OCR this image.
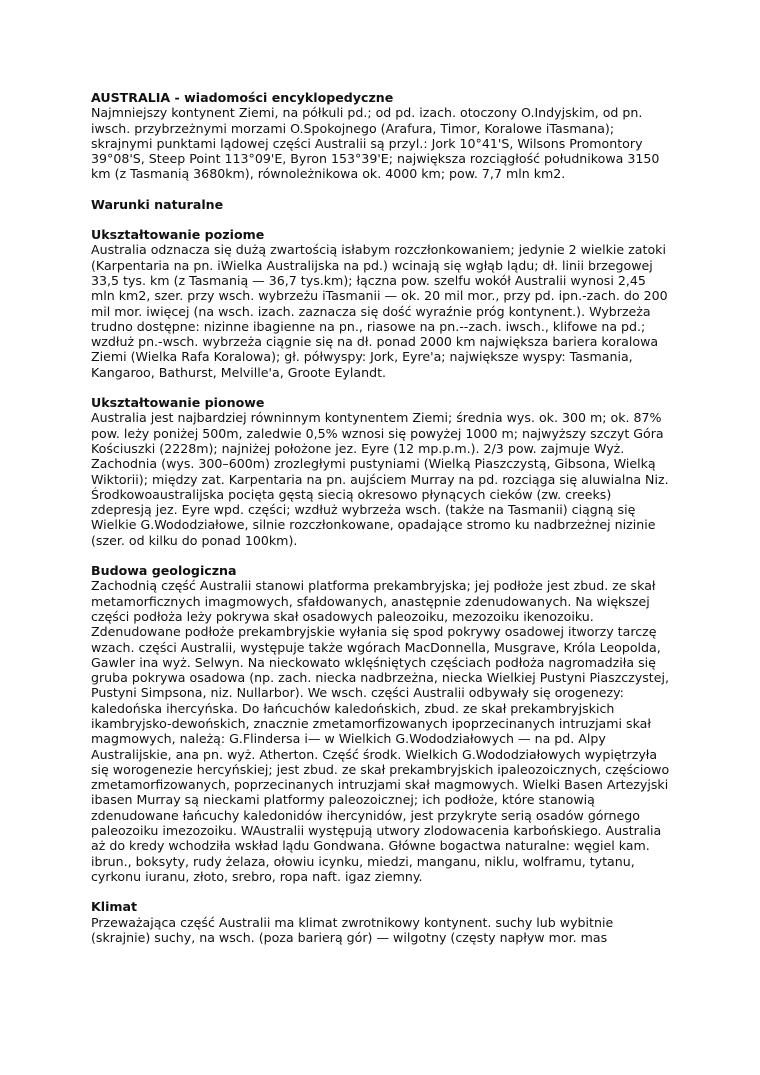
AUSTRALIA - wiadomości encyklopedyczne

Najmniejszy kontynent Ziemi, na półkuli pd.; od pd. izach. otoczony O.Indyjskim, od pn. iwsch. przybrzeżnymi morzami O.Spokojnego (Arafura, Timor, Koralowe iTasmana); skrajnymi punktami lądowej części Australii są przyl.: Jork 10°41'S, Wilsons Promontory 39°08'S, Steep Point 113°09'E, Byron 153°39'E; największa rozciągłość południkowa 3150 km (z Tasmanią 3680km), równoleżnikowa ok. 4000 km; pow. 7,7 mln km2.

Warunki naturalne
Ukształtowanie poziome

Australia odznacza się dużą zwartością isłabym rozczłonkowaniem; jedynie 2 wielkie zatoki (Karpentaria na pn. iWielka Australijska na pd.) wcinają się wgłąb lądu; dł. linii brzegowej 33,5 tys. km (z Tasmanią — 36,7 tys.km); łączna pow. szelfu wokół Australii wynosi 2,45 mln km2, szer. przy wsch. wybrzeżu iTasmanii — ok. 20 mil mor., przy pd. ipn.-zach. do 200 mil mor. iwięcej (na wsch. izach. zaznacza się dość wyraźnie próg kontynent.). Wybrzeża trudno dostępne: nizinne ibagienne na pn., riasowe na pn.--zach. iwsch., klifowe na pd.; wzdłuż pn.-wsch. wybrzeża ciągnie się na dł. ponad 2000 km największa bariera koralowa Ziemi (Wielka Rafa Koralowa); gł. półwyspy: Jork, Eyre'a; największe wyspy: Tasmania, Kangaroo, Bathurst, Melville'a, Groote Eylandt.

Ukształtowanie pionowe

Australia jest najbardziej równinnym kontynentem Ziemi; średnia wys. ok. 300 m; ok. 87% pow. leży poniżej 500m, zaledwie 0,5% wznosi się powyżej 1000 m; najwyższy szczyt Góra Kościuszki (2228m); najniżej położone jez. Eyre (12 mp.p.m.). 2/3 pow. zajmuje Wyż. Zachodnia (wys. 300–600m) zrozległymi pustyniami (Wielką Piaszczystą, Gibsona, Wielką Wiktorii); między zat. Karpentaria na pn. aujściem Murray na pd. rozciąga się aluwialna Niz. Środkowoaustralijska pocięta gęstą siecią okresowo płynących cieków (zw. creeks) zdepresją jez. Eyre wpd. części; wzdłuż wybrzeża wsch. (także na Tasmanii) ciągną się Wielkie G.Wododziałowe, silnie rozczłonkowane, opadające stromo ku nadbrzeżnej nizinie (szer. od kilku do ponad 100km).

Budowa geologiczna

Zachodnią część Australii stanowi platforma prekambryjska; jej podłoże jest zbud. ze skał metamorficznych imagmowych, sfałdowanych, anastępnie zdenudowanych. Na większej części podłoża leży pokrywa skał osadowych paleozoiku, mezozoiku ikenozoiku. Zdenudowane podłoże prekambryjskie wyłania się spod pokrywy osadowej itworzy tarczę wzach. części Australii, występuje także wgórach MacDonnella, Musgrave, Króla Leopolda, Gawler ina wyż. Selwyn. Na nieckowato wklęśniętych częściach podłoża nagromadziła się gruba pokrywa osadowa (np. zach. niecka nadbrzeżna, niecka Wielkiej Pustyni Piaszczystej, Pustyni Simpsona, niz. Nullarbor). We wsch. części Australii odbywały się orogenezy: kaledońska ihercyńska. Do łańcuchów kaledońskich, zbud. ze skał prekambryjskich ikambryjsko-dewońskich, znacznie zmetamorfizowanych ipoprzecinanych intruzjami skał magmowych, należą: G.Flindersa i— w Wielkich G.Wododziałowych — na pd. Alpy Australijskie, ana pn. wyż. Atherton. Część środk. Wielkich G.Wododziałowych wypiętrzyła się worogenezie hercyńskiej; jest zbud. ze skał prekambryjskich ipaleozoicznych, częściowo zmetamorfizowanych, poprzecinanych intruzjami skał magmowych. Wielki Basen Artezyjski ibasen Murray są nieckami platformy paleozoicznej; ich podłoże, które stanowią zdenudowane łańcuchy kaledonidów ihercynidów, jest przykryte serią osadów górnego paleozoiku imezozoiku. WAustralii występują utwory zlodowacenia karbońskiego. Australia aż do kredy wchodziła wskład lądu Gondwana. Główne bogactwa naturalne: węgiel kam. ibrun., boksyty, rudy żelaza, ołowiu icynku, miedzi, manganu, niklu, wolframu, tytanu, cyrkonu iuranu, złoto, srebro, ropa naft. igaz ziemny.

Klimat

Przeważająca część Australii ma klimat zwrotnikowy kontynent. suchy lub wybitnie (skrajnie) suchy, na wsch. (poza barierą gór) — wilgotny (częsty napływ mor. mas
